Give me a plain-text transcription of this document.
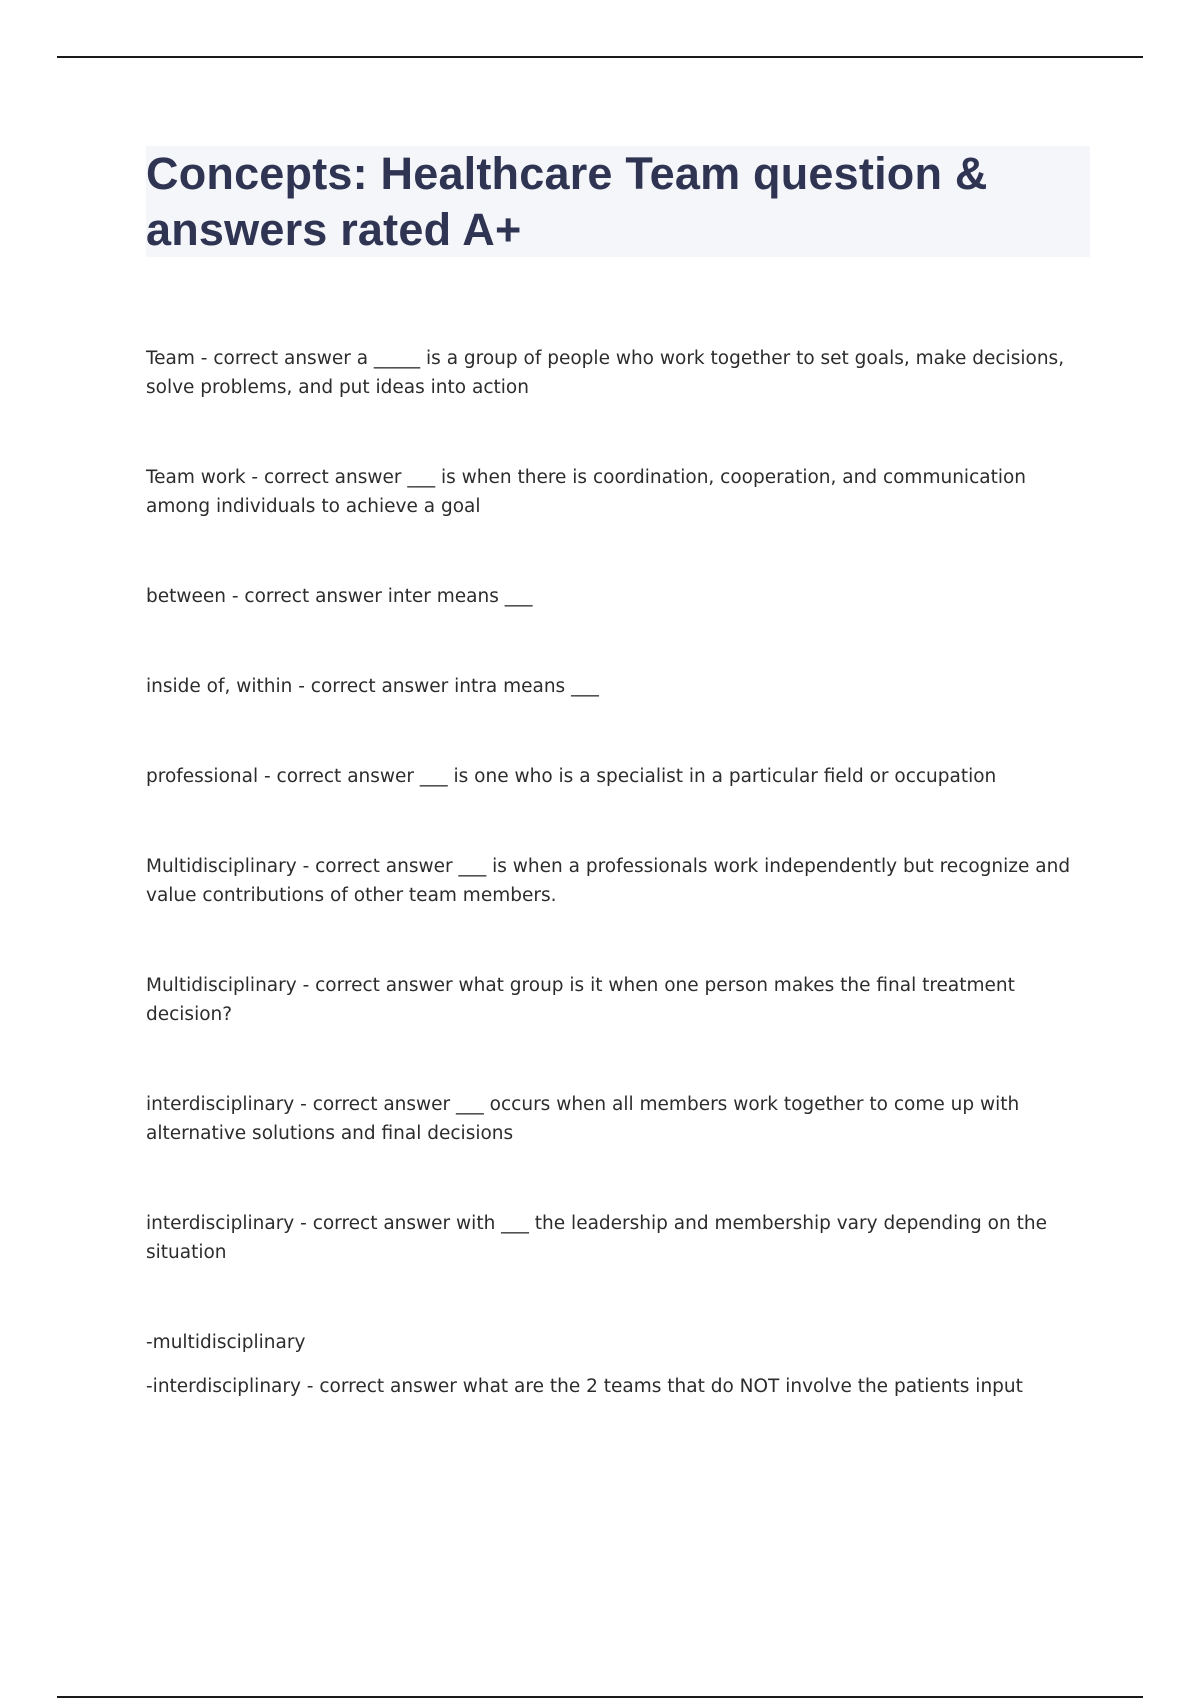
Concepts: Healthcare Team question & answers rated A+

Team - correct answer a _____ is a group of people who work together to set goals, make decisions, solve problems, and put ideas into action

Team work - correct answer ___ is when there is coordination, cooperation, and communication among individuals to achieve a goal

between - correct answer inter means ___

inside of, within - correct answer intra means ___

professional - correct answer ___ is one who is a specialist in a particular field or occupation

Multidisciplinary - correct answer ___ is when a professionals work independently but recognize and value contributions of other team members.

Multidisciplinary - correct answer what group is it when one person makes the final treatment decision?

interdisciplinary - correct answer ___ occurs when all members work together to come up with alternative solutions and final decisions

interdisciplinary - correct answer with ___ the leadership and membership vary depending on the situation

-multidisciplinary

-interdisciplinary - correct answer what are the 2 teams that do NOT involve the patients input
